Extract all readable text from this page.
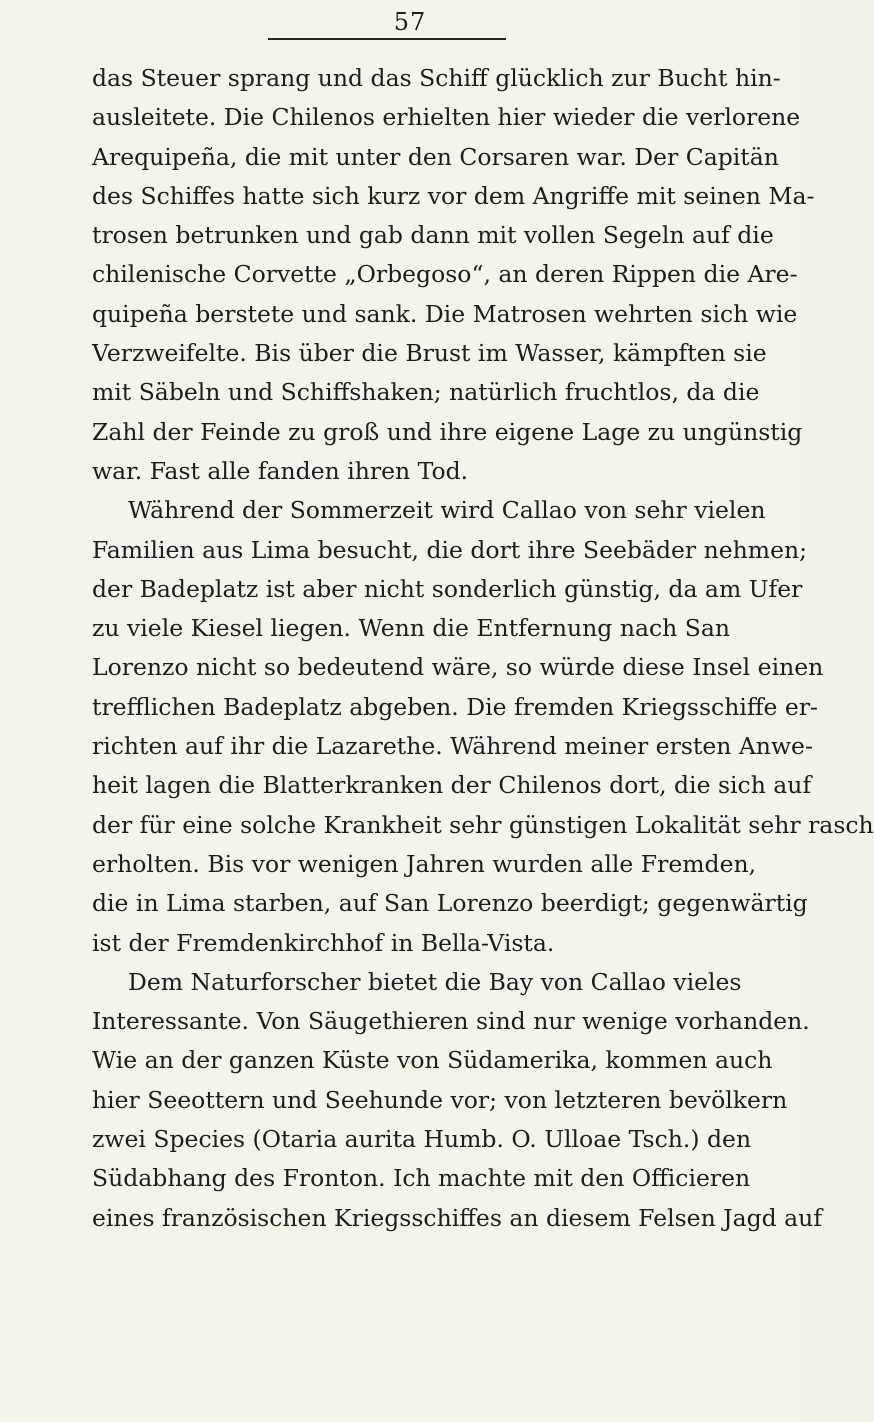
57
das Steuer sprang und das Schiff glücklich zur Bucht hin-
ausleitete. Die Chilenos erhielten hier wieder die verlorene
Arequipeña, die mit unter den Corsaren war. Der Capitän
des Schiffes hatte sich kurz vor dem Angriffe mit seinen Ma-
trosen betrunken und gab dann mit vollen Segeln auf die
chilenische Corvette „Orbegoso“, an deren Rippen die Are-
quipeña berstete und sank. Die Matrosen wehrten sich wie
Verzweifelte. Bis über die Brust im Wasser, kämpften sie
mit Säbeln und Schiffshaken; natürlich fruchtlos, da die
Zahl der Feinde zu groß und ihre eigene Lage zu ungünstig
war. Fast alle fanden ihren Tod.
Während der Sommerzeit wird Callao von sehr vielen
Familien aus Lima besucht, die dort ihre Seebäder nehmen;
der Badeplatz ist aber nicht sonderlich günstig, da am Ufer
zu viele Kiesel liegen. Wenn die Entfernung nach San
Lorenzo nicht so bedeutend wäre, so würde diese Insel einen
trefflichen Badeplatz abgeben. Die fremden Kriegsschiffe er-
richten auf ihr die Lazarethe. Während meiner ersten Anwe-
heit lagen die Blatterkranken der Chilenos dort, die sich auf
der für eine solche Krankheit sehr günstigen Lokalität sehr rasch
erholten. Bis vor wenigen Jahren wurden alle Fremden,
die in Lima starben, auf San Lorenzo beerdigt; gegenwärtig
ist der Fremdenkirchhof in Bella-Vista.
Dem Naturforscher bietet die Bay von Callao vieles
Interessante. Von Säugethieren sind nur wenige vorhanden.
Wie an der ganzen Küste von Südamerika, kommen auch
hier Seeottern und Seehunde vor; von letzteren bevölkern
zwei Species (Otaria aurita Humb. O. Ulloae Tsch.) den
Südabhang des Fronton. Ich machte mit den Officieren
eines französischen Kriegsschiffes an diesem Felsen Jagd auf
